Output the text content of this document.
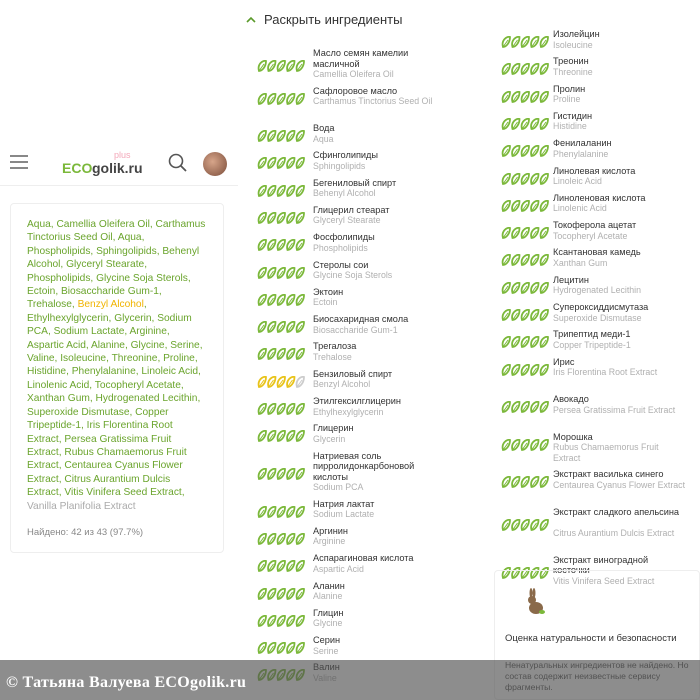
plus
ECO golik.ru
Aqua, Camellia Oleifera Oil, Carthamus Tinctorius Seed Oil, Aqua, Phospholipids, Sphingolipids, Behenyl Alcohol, Glyceryl Stearate, Phospholipids, Glycine Soja Sterols, Ectoin, Biosaccharide Gum-1, Trehalose, Benzyl Alcohol, Ethylhexylglycerin, Glycerin, Sodium PCA, Sodium Lactate, Arginine, Aspartic Acid, Alanine, Glycine, Serine, Valine, Isoleucine, Threonine, Proline, Histidine, Phenylalanine, Linoleic Acid, Linolenic Acid, Tocopheryl Acetate, Xanthan Gum, Hydrogenated Lecithin, Superoxide Dismutase, Copper Tripeptide-1, Iris Florentina Root Extract, Persea Gratissima Fruit Extract, Rubus Chamaemorus Fruit Extract, Centaurea Cyanus Flower Extract, Citrus Aurantium Dulcis Extract, Vitis Vinifera Seed Extract, Vanilla Planifolia Extract
Найдено: 42 из 43 (97.7%)
Раскрыть ингредиенты
Масло семян камелии масличной
Camellia Oleifera Oil
Сафлоровое масло
Carthamus Tinctorius Seed Oil
Вода
Aqua
Сфинголипиды
Sphingolipids
Бегениловый спирт
Behenyl Alcohol
Глицерил стеарат
Glyceryl Stearate
Фосфолипиды
Phospholipids
Стеролы сои
Glycine Soja Sterols
Эктоин
Ectoin
Биосахаридная смола
Biosaccharide Gum-1
Трегалоза
Trehalose
Бензиловый спирт
Benzyl Alcohol
Этилгексилглицерин
Ethylhexylglycerin
Глицерин
Glycerin
Натриевая соль пирролидонкарбоновой кислоты
Sodium PCA
Натрия лактат
Sodium Lactate
Аргинин
Arginine
Аспарагиновая кислота
Aspartic Acid
Аланин
Alanine
Глицин
Glycine
Серин
Serine
Изолейцин
Isoleucine
Треонин
Threonine
Пролин
Proline
Гистидин
Histidine
Фенилаланин
Phenylalanine
Линолевая кислота
Linoleic Acid
Линоленовая кислота
Linolenic Acid
Токоферола ацетат
Tocopheryl Acetate
Ксантановая камедь
Xanthan Gum
Лецитин
Hydrogenated Lecithin
Супероксиддисмутаза
Superoxide Dismutase
Трипептид меди-1
Copper Tripeptide-1
Ирис
Iris Florentina Root Extract
Авокадо
Persea Gratissima Fruit Extract
Морошка
Rubus Chamaemorus Fruit Extract
Экстракт василька синего
Centaurea Cyanus Flower Extract
Экстракт сладкого апельсина
Citrus Aurantium Dulcis Extract
Экстракт виноградной косточки
Vitis Vinifera Seed Extract
Оценка натуральности и безопасности
© Татьяна Валуева ECOgolik.ru
